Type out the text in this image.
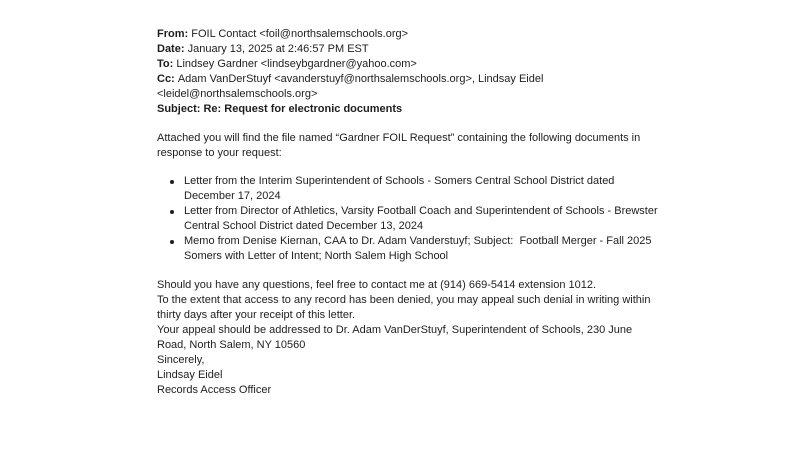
From: FOIL Contact <foil@northsalemschools.org>
Date: January 13, 2025 at 2:46:57 PM EST
To: Lindsey Gardner <lindseybgardner@yahoo.com>
Cc: Adam VanDerStuyf <avanderstuyf@northsalemschools.org>, Lindsay Eidel <leidel@northsalemschools.org>
Subject: Re: Request for electronic documents
Attached you will find the file named “Gardner FOIL Request” containing the following documents in response to your request:
Letter from the Interim Superintendent of Schools - Somers Central School District dated December 17, 2024
Letter from Director of Athletics, Varsity Football Coach and Superintendent of Schools - Brewster Central School District dated December 13, 2024
Memo from Denise Kiernan, CAA to Dr. Adam Vanderstuyf; Subject:  Football Merger - Fall 2025 Somers with Letter of Intent; North Salem High School
Should you have any questions, feel free to contact me at (914) 669-5414 extension 1012.
To the extent that access to any record has been denied, you may appeal such denial in writing within thirty days after your receipt of this letter.
Your appeal should be addressed to Dr. Adam VanDerStuyf, Superintendent of Schools, 230 June Road, North Salem, NY 10560
Sincerely,
Lindsay Eidel
Records Access Officer
